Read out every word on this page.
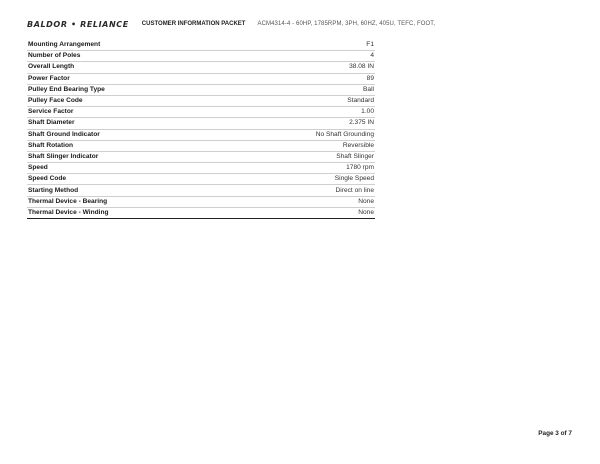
BALDOR • RELIANCE CUSTOMER INFORMATION PACKET ACM4314-4 - 60HP, 1785RPM, 3PH, 60HZ, 405U, TEFC, FOOT,
Mounting Arrangement	F1
Number of Poles	4
Overall Length	38.08 IN
Power Factor	89
Pulley End Bearing Type	Ball
Pulley Face Code	Standard
Service Factor	1.00
Shaft Diameter	2.375 IN
Shaft Ground Indicator	No Shaft Grounding
Shaft Rotation	Reversible
Shaft Slinger Indicator	Shaft Slinger
Speed	1780 rpm
Speed Code	Single Speed
Starting Method	Direct on line
Thermal Device - Bearing	None
Thermal Device - Winding	None
Page 3 of 7
